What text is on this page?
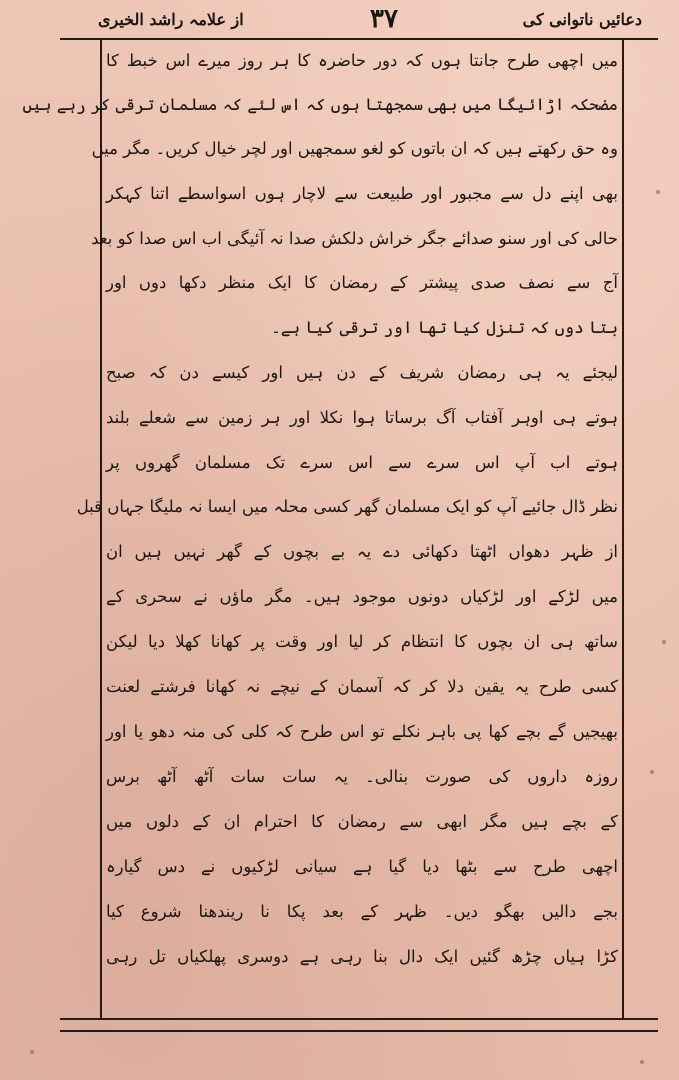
از علامہ راشد الخیری	۳۷	دعائیں ناتوانی کی
میں اچھی طرح جانتا ہوں کہ دور حاضرہ کا ہر روز میرے اس خبط کا
مضحکہ اڑائیگا میں بھی سمجھتا ہوں کہ اس لئے کہ مسلمان ترقی کر رہے ہیں
وہ حق رکھتے ہیں کہ ان باتوں کو لغو سمجھیں اور لچر خیال کریں۔ مگر میں
بھی اپنے دل سے مجبور اور طبیعت سے لاچار ہوں اسواسطے اتنا کہکر
حالی کی اور سنو صدائے جگر خراش دلکش صدا نہ آئیگی اب اس صدا کو بعد
آج سے نصف صدی پیشتر کے رمضان کا ایک منظر دکھا دوں اور
بتا دوں کہ تنزل کیا تھا اور ترقی کیا ہے۔
لیجئے یہ ہی رمضان شریف کے دن ہیں اور کیسے دن کہ صبح
ہوتے ہی اوہر آفتاب آگ برساتا ہوا نکلا اور ہر زمین سے شعلے بلند
ہوتے اب آپ اس سرے سے اس سرے تک مسلمان گھروں پر
نظر ڈال جائیے آپ کو ایک مسلمان گھر کسی محلہ میں ایسا نہ ملیگا جہاں قبل
از ظہر دھواں اٹھتا دکھائی دے یہ بے بچوں کے گھر نہیں ہیں ان
میں لڑکے اور لڑکیاں دونوں موجود ہیں۔ مگر ماؤں نے سحری کے
ساتھ ہی ان بچوں کا انتظام کر لیا اور وقت پر کھانا کھلا دیا لیکن
کسی طرح یہ یقین دلا کر کہ آسمان کے نیچے نہ کھانا فرشتے لعنت
بھیجیں گے بچے کھا پی باہر نکلے تو اس طرح کہ کلی کی منہ دھو یا اور
روزہ داروں کی صورت بنالی۔ یہ سات سات آٹھ آٹھ برس
کے بچے ہیں مگر ابھی سے رمضان کا احترام ان کے دلوں میں
اچھی طرح سے بٹھا دیا گیا ہے سیانی لڑکیوں نے دس گیارہ
بجے دالیں بھگو دیں۔ ظہر کے بعد پکا نا ریندھنا شروع کیا
کڑا ہیاں چڑھ گئیں ایک دال بنا رہی ہے دوسری پھلکیاں تل رہی
